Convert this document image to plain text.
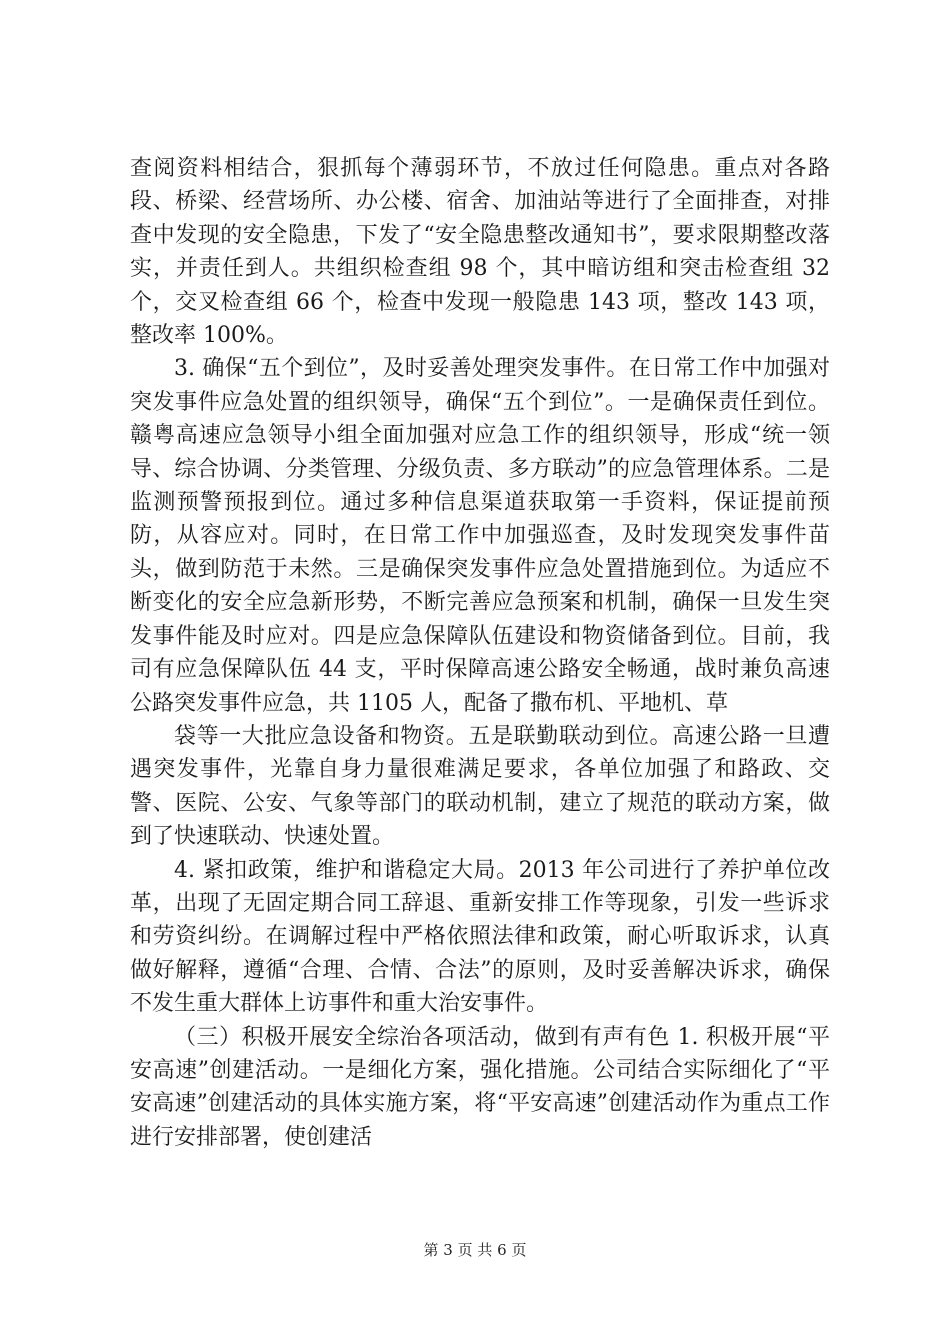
查阅资料相结合，狠抓每个薄弱环节，不放过任何隐患。重点对各路段、桥梁、经营场所、办公楼、宿舍、加油站等进行了全面排查，对排查中发现的安全隐患，下发了“安全隐患整改通知书”，要求限期整改落实，并责任到人。共组织检查组 98 个，其中暗访组和突击检查组 32 个，交叉检查组 66 个，检查中发现一般隐患 143 项，整改 143 项，整改率 100%。

3. 确保“五个到位”，及时妥善处理突发事件。在日常工作中加强对突发事件应急处置的组织领导，确保“五个到位”。一是确保责任到位。赣粤高速应急领导小组全面加强对应急工作的组织领导，形成“统一领导、综合协调、分类管理、分级负责、多方联动”的应急管理体系。二是监测预警预报到位。通过多种信息渠道获取第一手资料，保证提前预防，从容应对。同时，在日常工作中加强巡查，及时发现突发事件苗头，做到防范于未然。三是确保突发事件应急处置措施到位。为适应不断变化的安全应急新形势，不断完善应急预案和机制，确保一旦发生突发事件能及时应对。四是应急保障队伍建设和物资储备到位。目前，我司有应急保障队伍 44 支，平时保障高速公路安全畅通，战时兼负高速公路突发事件应急，共 1105 人，配备了撒布机、平地机、草

袋等一大批应急设备和物资。五是联勤联动到位。高速公路一旦遭遇突发事件，光靠自身力量很难满足要求，各单位加强了和路政、交警、医院、公安、气象等部门的联动机制，建立了规范的联动方案，做到了快速联动、快速处置。

4. 紧扣政策，维护和谐稳定大局。2013 年公司进行了养护单位改革，出现了无固定期合同工辞退、重新安排工作等现象，引发一些诉求和劳资纠纷。在调解过程中严格依照法律和政策，耐心听取诉求，认真做好解释，遵循“合理、合情、合法”的原则，及时妥善解决诉求，确保不发生重大群体上访事件和重大治安事件。

（三）积极开展安全综治各项活动，做到有声有色 1. 积极开展“平安高速”创建活动。一是细化方案，强化措施。公司结合实际细化了“平安高速”创建活动的具体实施方案，将“平安高速”创建活动作为重点工作进行安排部署，使创建活

第 3 页 共 6 页
